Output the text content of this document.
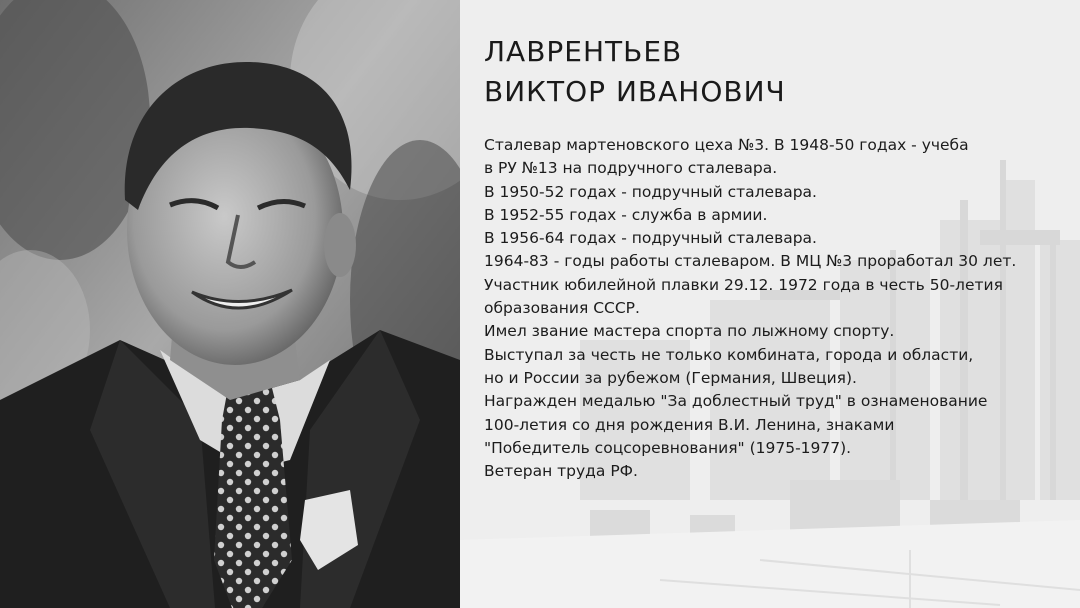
ЛАВРЕНТЬЕВ
ВИКТОР ИВАНОВИЧ
Сталевар мартеновского цеха №3. В 1948-50 годах - учеба
в РУ №13 на подручного сталевара.
В 1950-52 годах - подручный сталевара.
В 1952-55 годах - служба в армии.
В 1956-64 годах - подручный сталевара.
1964-83 - годы работы сталеваром. В МЦ №3 проработал 30 лет.
Участник юбилейной плавки 29.12. 1972 года в честь 50-летия
образования СССР.
Имел звание мастера спорта по лыжному спорту.
Выступал за честь не только комбината, города и области,
но и России за рубежом (Германия, Швеция).
Награжден медалью "За доблестный труд" в ознаменование
100-летия со дня рождения В.И. Ленина, знаками
"Победитель соцсоревнования" (1975-1977).
Ветеран труда РФ.
